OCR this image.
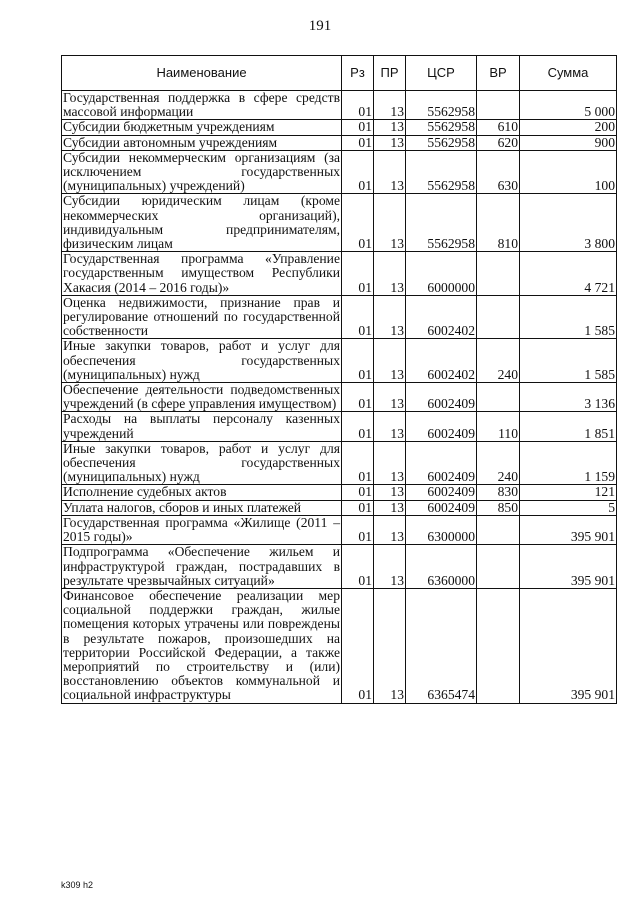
191
Наименование	Рз	ПР	ЦСР	ВР	Сумма
Государственная поддержка в сфере средств массовой информации	01	13	5562958		5 000
Субсидии бюджетным учреждениям	01	13	5562958	610	200
Субсидии автономным учреждениям	01	13	5562958	620	900
Субсидии некоммерческим организациям (за исключением государственных (муниципальных) учреждений)	01	13	5562958	630	100
Субсидии юридическим лицам (кроме некоммерческих организаций), индивидуальным предпринимателям, физическим лицам	01	13	5562958	810	3 800
Государственная программа «Управление государственным имуществом Республики Хакасия (2014 – 2016 годы)»	01	13	6000000		4 721
Оценка недвижимости, признание прав и регулирование отношений по государственной собственности	01	13	6002402		1 585
Иные закупки товаров, работ и услуг для обеспечения государственных (муниципальных) нужд	01	13	6002402	240	1 585
Обеспечение деятельности подведомственных учреждений (в сфере управления имуществом)	01	13	6002409		3 136
Расходы на выплаты персоналу казенных учреждений	01	13	6002409	110	1 851
Иные закупки товаров, работ и услуг для обеспечения государственных (муниципальных) нужд	01	13	6002409	240	1 159
Исполнение судебных актов	01	13	6002409	830	121
Уплата налогов, сборов и иных платежей	01	13	6002409	850	5
Государственная программа «Жилище (2011 – 2015 годы)»	01	13	6300000		395 901
Подпрограмма «Обеспечение жильем и инфраструктурой граждан, пострадавших в результате чрезвычайных ситуаций»	01	13	6360000		395 901
Финансовое обеспечение реализации мер социальной поддержки граждан, жилые помещения которых утрачены или повреждены в результате пожаров, произошедших на территории Российской Федерации, а также мероприятий по строительству и (или) восстановлению объектов коммунальной и социальной инфраструктуры	01	13	6365474		395 901
k309 h2
